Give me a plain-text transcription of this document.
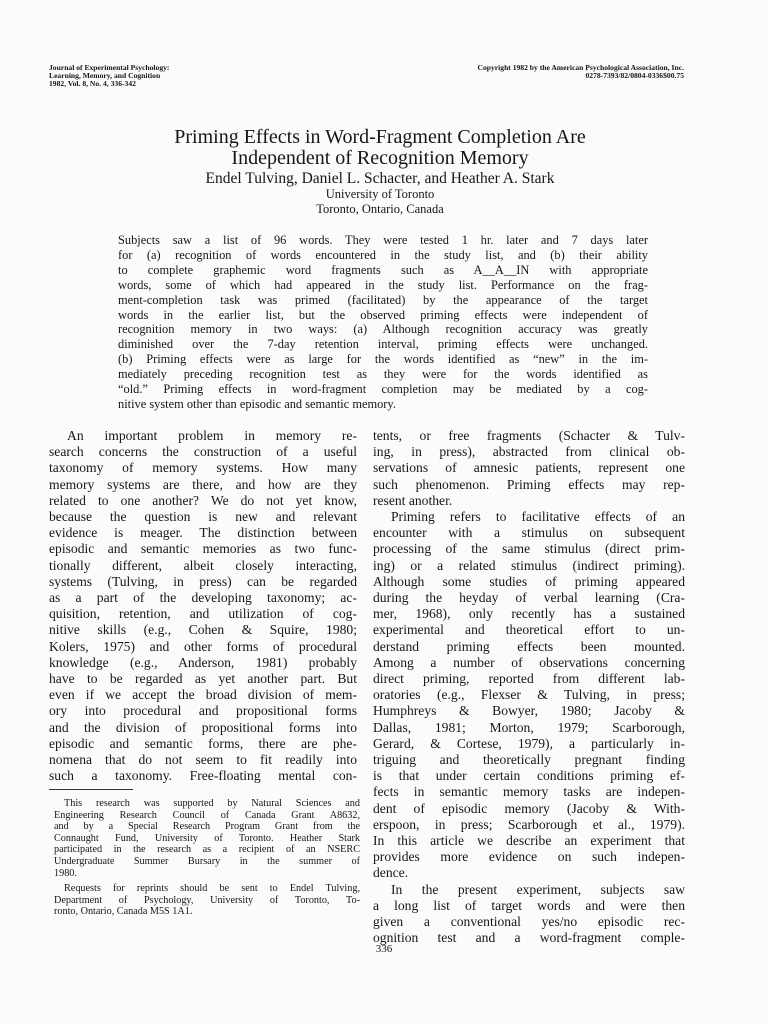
Journal of Experimental Psychology:
Learning, Memory, and Cognition
1982, Vol. 8, No. 4, 336-342
Copyright 1982 by the American Psychological Association, Inc.
0278-7393/82/0804-0336$00.75
Priming Effects in Word-Fragment Completion Are
Independent of Recognition Memory
Endel Tulving, Daniel L. Schacter, and Heather A. Stark
University of Toronto
Toronto, Ontario, Canada
Subjects saw a list of 96 words. They were tested 1 hr. later and 7 days later
for (a) recognition of words encountered in the study list, and (b) their ability
to complete graphemic word fragments such as A__A__IN with appropriate
words, some of which had appeared in the study list. Performance on the frag-
ment-completion task was primed (facilitated) by the appearance of the target
words in the earlier list, but the observed priming effects were independent of
recognition memory in two ways: (a) Although recognition accuracy was greatly
diminished over the 7-day retention interval, priming effects were unchanged.
(b) Priming effects were as large for the words identified as “new” in the im-
mediately preceding recognition test as they were for the words identified as
“old.” Priming effects in word-fragment completion may be mediated by a cog-
nitive system other than episodic and semantic memory.
An important problem in memory re-
search concerns the construction of a useful
taxonomy of memory systems. How many
memory systems are there, and how are they
related to one another? We do not yet know,
because the question is new and relevant
evidence is meager. The distinction between
episodic and semantic memories as two func-
tionally different, albeit closely interacting,
systems (Tulving, in press) can be regarded
as a part of the developing taxonomy; ac-
quisition, retention, and utilization of cog-
nitive skills (e.g., Cohen & Squire, 1980;
Kolers, 1975) and other forms of procedural
knowledge (e.g., Anderson, 1981) probably
have to be regarded as yet another part. But
even if we accept the broad division of mem-
ory into procedural and propositional forms
and the division of propositional forms into
episodic and semantic forms, there are phe-
nomena that do not seem to fit readily into
such a taxonomy. Free-floating mental con-
tents, or free fragments (Schacter & Tulv-
ing, in press), abstracted from clinical ob-
servations of amnesic patients, represent one
such phenomenon. Priming effects may rep-
resent another.
Priming refers to facilitative effects of an
encounter with a stimulus on subsequent
processing of the same stimulus (direct prim-
ing) or a related stimulus (indirect priming).
Although some studies of priming appeared
during the heyday of verbal learning (Cra-
mer, 1968), only recently has a sustained
experimental and theoretical effort to un-
derstand priming effects been mounted.
Among a number of observations concerning
direct priming, reported from different lab-
oratories (e.g., Flexser & Tulving, in press;
Humphreys & Bowyer, 1980; Jacoby &
Dallas, 1981; Morton, 1979; Scarborough,
Gerard, & Cortese, 1979), a particularly in-
triguing and theoretically pregnant finding
is that under certain conditions priming ef-
fects in semantic memory tasks are indepen-
dent of episodic memory (Jacoby & With-
erspoon, in press; Scarborough et al., 1979).
In this article we describe an experiment that
provides more evidence on such indepen-
dence.
In the present experiment, subjects saw
a long list of target words and were then
given a conventional yes/no episodic rec-
ognition test and a word-fragment comple-
This research was supported by Natural Sciences and
Engineering Research Council of Canada Grant A8632,
and by a Special Research Program Grant from the
Connaught Fund, University of Toronto. Heather Stark
participated in the research as a recipient of an NSERC
Undergraduate Summer Bursary in the summer of
1980.
Requests for reprints should be sent to Endel Tulving,
Department of Psychology, University of Toronto, To-
ronto, Ontario, Canada M5S 1A1.
336
